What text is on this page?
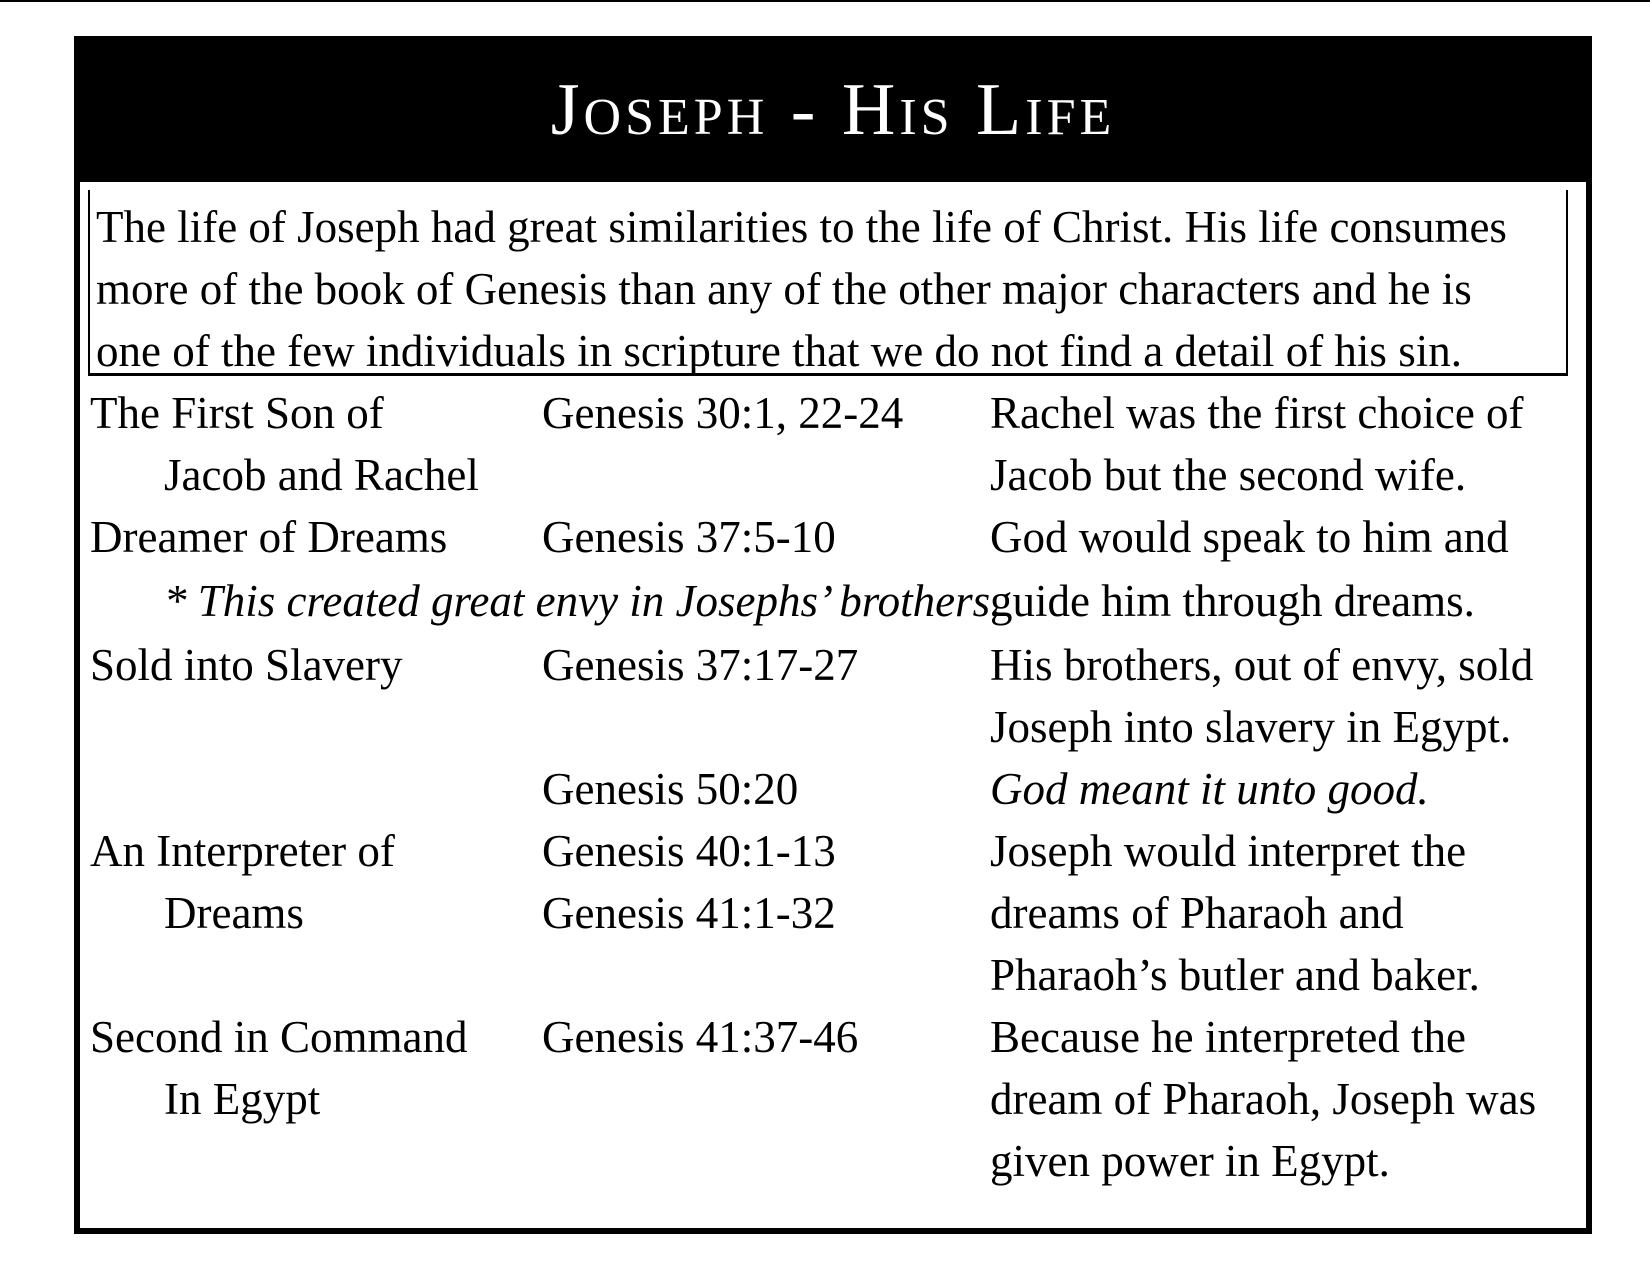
Joseph - His Life
The life of Joseph had great similarities to the life of Christ. His life consumes
more of the book of Genesis than any of the other major characters and he is
one of the few individuals in scripture that we do not find a detail of his sin.
The First Son of	Genesis 30:1, 22-24 Rachel was the first choice of
Jacob and Rachel	Jacob but the second wife.
Dreamer of Dreams Genesis 37:5-10	God would speak to him and
* This created great envy in Josephs’ brothers.
guide him through dreams.
Sold into Slavery	Genesis 37:17-27	His brothers, out of envy, sold
Joseph into slavery in Egypt.
Genesis 50:20	God meant it unto good.
An Interpreter of	Genesis 40:1-13	Joseph would interpret the
Dreams	Genesis 41:1-32	dreams of Pharaoh and
Pharaoh’s butler and baker.
Second in Command Genesis 41:37-46	Because he interpreted the
In Egypt	dream of Pharaoh, Joseph was
given power in Egypt.
